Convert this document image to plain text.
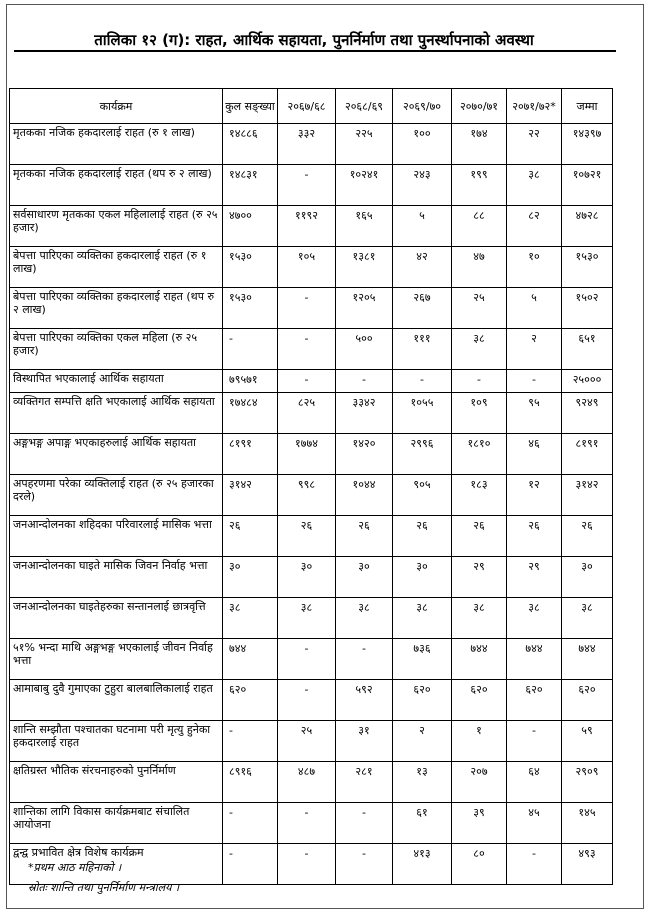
तालिका १२ (ग): राहत, आर्थिक सहायता, पुनर्निर्माण तथा पुनर्स्थापनाको अवस्था
कार्यक्रम	कुल सङ्ख्या	२०६७/६८	२०६८/६९	२०६९/७०	२०७०/७१	२०७१/७२*	जम्मा
मृतकका नजिक हकदारलाई राहत (रु १ लाख)	१४८८६	३३२	२२५	१००	१७४	२२	१४३९७
मृतकका नजिक हकदारलाई राहत (थप रु २ लाख)	१४८३१	-	१०२४१	२४३	१९९	३८	१०७२१
सर्वसाधारण मृतकका एकल महिलालाई राहत (रु २५ हजार)	४७००	११९२	१६५	५	८८	८२	४७२८
बेपत्ता पारिएका व्यक्तिका हकदारलाई राहत (रु १ लाख)	१५३०	१०५	१३८१	४२	४७	१०	१५३०
बेपत्ता पारिएका व्यक्तिका हकदारलाई राहत (थप रु २ लाख)	१५३०	-	१२०५	२६७	२५	५	१५०२
बेपत्ता पारिएका व्यक्तिका एकल महिला (रु २५ हजार)	-	-	५००	१११	३८	२	६५१
विस्थापित भएकालाई आर्थिक सहायता	७९५७१	-	-	-	-	-	२५०००
व्यक्तिगत सम्पत्ति क्षति भएकालाई आर्थिक सहायता	१७४८४	८२५	३३४२	१०५५	१०९	९५	९२४९
अङ्गभङ्ग अपाङ्ग भएकाहरुलाई आर्थिक सहायता	८१९१	१७७४	१४२०	२९९६	१८१०	४६	८१९१
अपहरणमा परेका व्यक्तिलाई राहत (रु २५ हजारका दरले)	३१४२	९९८	१०४४	९०५	१८३	१२	३१४२
जनआन्दोलनका शहिदका परिवारलाई मासिक भत्ता	२६	२६	२६	२६	२६	२६	२६
जनआन्दोलनका घाइते मासिक जिवन निर्वाह भत्ता	३०	३०	३०	३०	२९	२९	३०
जनआन्दोलनका घाइतेहरुका सन्तानलाई छात्रवृत्ति	३८	३८	३८	३८	३८	३८	३८
५१% भन्दा माथि अङ्गभङ्ग भएकालाई जीवन निर्वाह भत्ता	७४४	-	-	७३६	७४४	७४४	७४४
आमाबाबु दुवै गुमाएका टुहुरा बालबालिकालाई राहत	६२०	-	५९२	६२०	६२०	६२०	६२०
शान्ति सम्झौता पश्चातका घटनामा परी मृत्यु हुनेका हकदारलाई राहत	-	२५	३१	२	१	-	५९
क्षतिग्रस्त भौतिक संरचनाहरुको पुनर्निर्माण	८९१६	४८७	२८१	१३	२०७	६४	२९०९
शान्तिका लागि विकास कार्यक्रमबाट संचालित आयोजना	-	-	-	६१	३९	४५	१४५
द्वन्द्व प्रभावित क्षेत्र विशेष कार्यक्रम	-	-	-	४१३	८०	-	४९३
*प्रथम आठ महिनाको ।
स्रोतः शान्ति तथा पुनर्निर्माण मन्त्रालय ।
